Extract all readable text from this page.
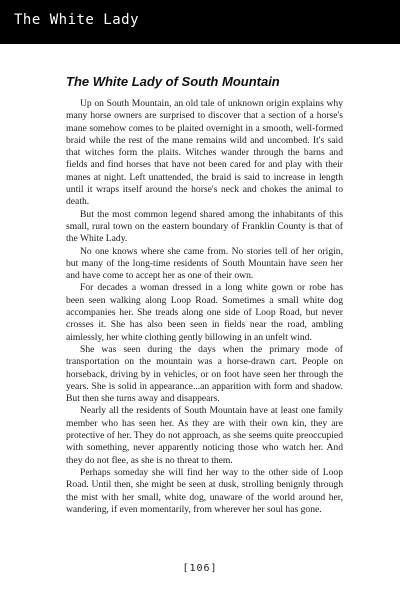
The White Lady
The White Lady of South Mountain

Up on South Mountain, an old tale of unknown origin explains why many horse owners are surprised to discover that a section of a horse's mane somehow comes to be plaited overnight in a smooth, well-formed braid while the rest of the mane remains wild and uncombed. It's said that witches form the plaits. Witches wander through the barns and fields and find horses that have not been cared for and play with their manes at night. Left unattended, the braid is said to increase in length until it wraps itself around the horse's neck and chokes the animal to death.

But the most common legend shared among the inhabitants of this small, rural town on the eastern boundary of Franklin County is that of the White Lady.

No one knows where she came from. No stories tell of her origin, but many of the long-time residents of South Mountain have seen her and have come to accept her as one of their own.

For decades a woman dressed in a long white gown or robe has been seen walking along Loop Road. Sometimes a small white dog accompanies her. She treads along one side of Loop Road, but never crosses it. She has also been seen in fields near the road, ambling aimlessly, her white clothing gently billowing in an unfelt wind.

She was seen during the days when the primary mode of transportation on the mountain was a horse-drawn cart. People on horseback, driving by in vehicles, or on foot have seen her through the years. She is solid in appearance...an apparition with form and shadow. But then she turns away and disappears.

Nearly all the residents of South Mountain have at least one family member who has seen her. As they are with their own kin, they are protective of her. They do not approach, as she seems quite preoccupied with something, never apparently noticing those who watch her. And they do not flee, as she is no threat to them.

Perhaps someday she will find her way to the other side of Loop Road. Until then, she might be seen at dusk, strolling benignly through the mist with her small, white dog, unaware of the world around her, wandering, if even momentarily, from wherever her soul has gone.

[106]
